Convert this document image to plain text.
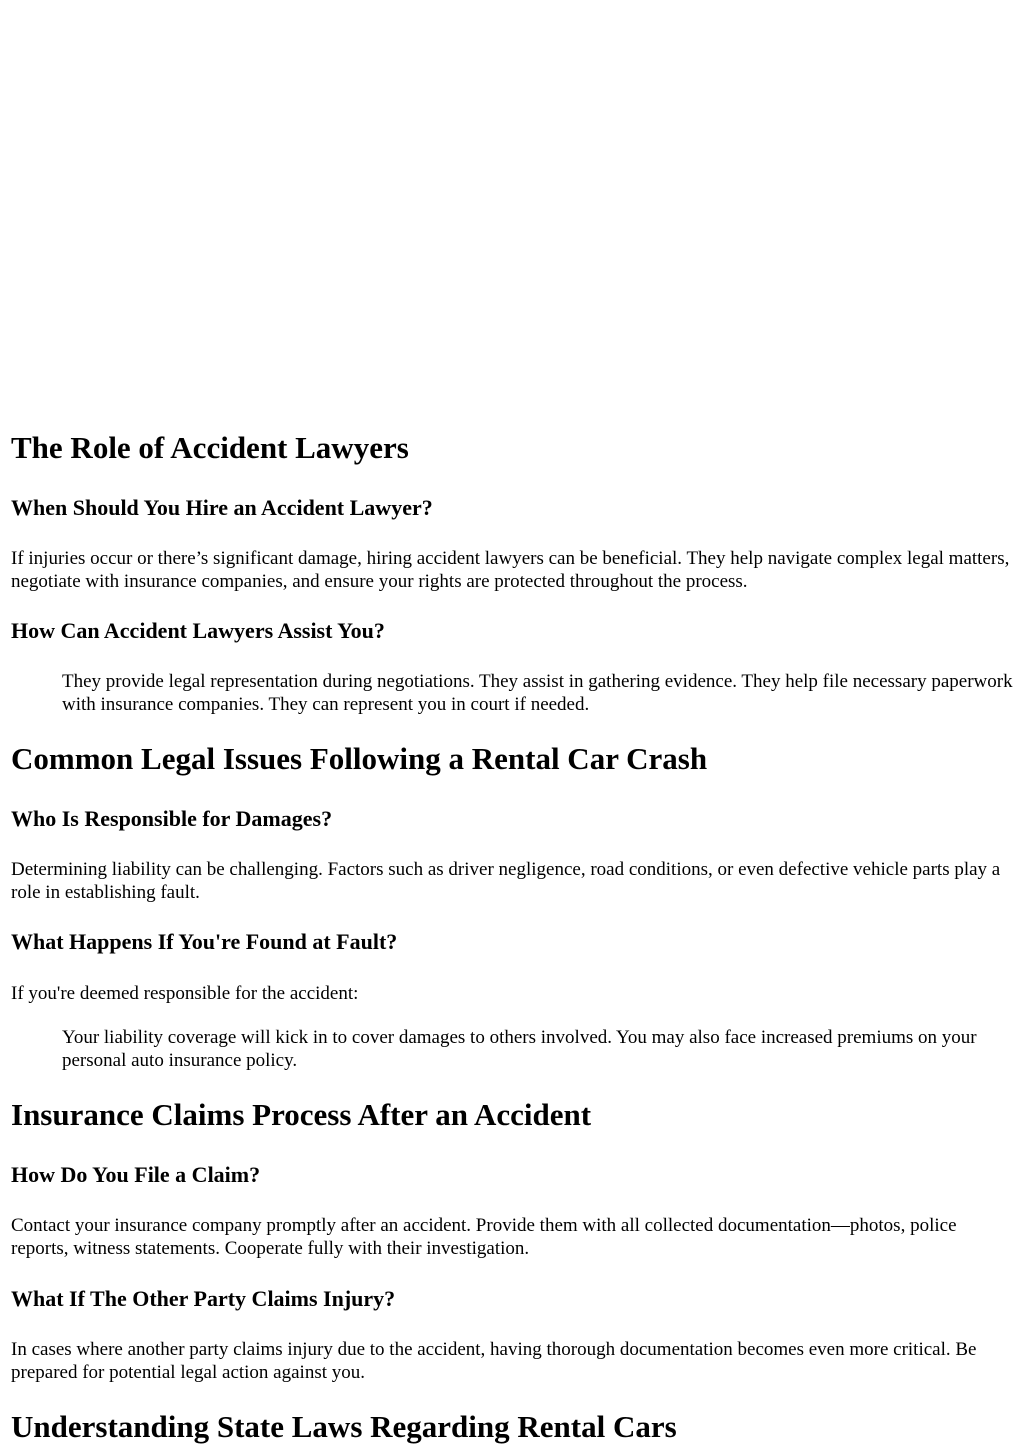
The Role of Accident Lawyers
When Should You Hire an Accident Lawyer?

If injuries occur or there’s significant damage, hiring accident lawyers can be beneficial. They help navigate complex legal matters, negotiate with insurance companies, and ensure your rights are protected throughout the process.

How Can Accident Lawyers Assist You?

They provide legal representation during negotiations. They assist in gathering evidence. They help file necessary paperwork with insurance companies. They can represent you in court if needed.

Common Legal Issues Following a Rental Car Crash
Who Is Responsible for Damages?

Determining liability can be challenging. Factors such as driver negligence, road conditions, or even defective vehicle parts play a role in establishing fault.

What Happens If You're Found at Fault?

If you're deemed responsible for the accident:

Your liability coverage will kick in to cover damages to others involved. You may also face increased premiums on your personal auto insurance policy.

Insurance Claims Process After an Accident
How Do You File a Claim?

Contact your insurance company promptly after an accident. Provide them with all collected documentation—photos, police reports, witness statements. Cooperate fully with their investigation.

What If The Other Party Claims Injury?

In cases where another party claims injury due to the accident, having thorough documentation becomes even more critical. Be prepared for potential legal action against you.

Understanding State Laws Regarding Rental Cars
